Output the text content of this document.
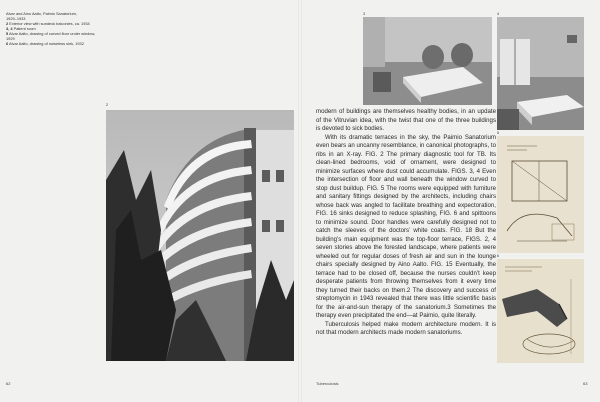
Alvar and Aino Aalto, Paimio Sanatorium,

1929–1933

2 Exterior view with sundeck balconies, ca. 1934

3, 4 Patient room

5 Alvar Aalto, drawing of curved floor under window, 1929

6 Alvar Aalto, drawing of noiseless sink, 1932

2
3	4
5
6

modern of buildings are themselves healthy bodies, in an update of the Vitruvian idea, with the twist that one of the three buildings is devoted to sick bodies.

With its dramatic terraces in the sky, the Paimio Sanatorium even bears an uncanny resemblance, in canonical photographs, to ribs in an X-ray. FIG. 2 The primary diagnostic tool for TB. Its clean-lined bedrooms, void of ornament, were designed to minimize surfaces where dust could accumulate. FIGS. 3, 4 Even the intersection of floor and wall beneath the window curved to stop dust buildup. FIG. 5 The rooms were equipped with furniture and sanitary fittings designed by the architects, including chairs whose back was angled to facilitate breathing and expectoration, FIG. 16 sinks designed to reduce splashing, FIG. 6 and spittoons to minimize sound. Door handles were carefully designed not to catch the sleeves of the doctors’ white coats. FIG. 18 But the building’s main equipment was the top-floor terrace, FIGS. 2, 4 seven stories above the forested landscape, where patients were wheeled out for regular doses of fresh air and sun in the lounge chairs specially designed by Aino Aalto. FIG. 15 Eventually, the terrace had to be closed off, because the nurses couldn’t keep desperate patients from throwing themselves from it every time they turned their backs on them.2 The discovery and success of streptomycin in 1943 revealed that there was little scientific basis for the air-and-sun therapy of the sanatorium.3 Sometimes the therapy even precipitated the end—at Paimio, quite literally.

Tuberculosis helped make modern architecture modern. It is not that modern architects made modern sanatoriums.

62	Tuberculosis	63
